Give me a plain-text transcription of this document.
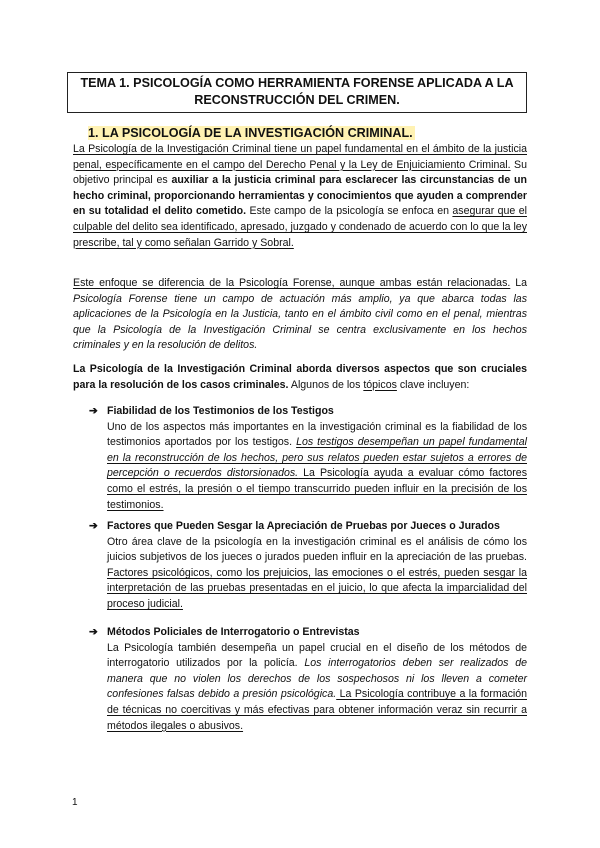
TEMA 1. PSICOLOGÍA COMO HERRAMIENTA FORENSE APLICADA A LA
RECONSTRUCCIÓN DEL CRIMEN.
1. LA PSICOLOGÍA DE LA INVESTIGACIÓN CRIMINAL.
La Psicología de la Investigación Criminal tiene un papel fundamental en el ámbito de la justicia penal, específicamente en el campo del Derecho Penal y la Ley de Enjuiciamiento Criminal. Su objetivo principal es auxiliar a la justicia criminal para esclarecer las circunstancias de un hecho criminal, proporcionando herramientas y conocimientos que ayuden a comprender en su totalidad el delito cometido. Este campo de la psicología se enfoca en asegurar que el culpable del delito sea identificado, apresado, juzgado y condenado de acuerdo con lo que la ley prescribe, tal y como señalan Garrido y Sobral.
Este enfoque se diferencia de la Psicología Forense, aunque ambas están relacionadas. La Psicología Forense tiene un campo de actuación más amplio, ya que abarca todas las aplicaciones de la Psicología en la Justicia, tanto en el ámbito civil como en el penal, mientras que la Psicología de la Investigación Criminal se centra exclusivamente en los hechos criminales y en la resolución de delitos.
La Psicología de la Investigación Criminal aborda diversos aspectos que son cruciales para la resolución de los casos criminales. Algunos de los tópicos clave incluyen:
➔ Fiabilidad de los Testimonios de los Testigos
Uno de los aspectos más importantes en la investigación criminal es la fiabilidad de los testimonios aportados por los testigos. Los testigos desempeñan un papel fundamental en la reconstrucción de los hechos, pero sus relatos pueden estar sujetos a errores de percepción o recuerdos distorsionados. La Psicología ayuda a evaluar cómo factores como el estrés, la presión o el tiempo transcurrido pueden influir en la precisión de los testimonios.
➔ Factores que Pueden Sesgar la Apreciación de Pruebas por Jueces o Jurados
Otro área clave de la psicología en la investigación criminal es el análisis de cómo los juicios subjetivos de los jueces o jurados pueden influir en la apreciación de las pruebas. Factores psicológicos, como los prejuicios, las emociones o el estrés, pueden sesgar la interpretación de las pruebas presentadas en el juicio, lo que afecta la imparcialidad del proceso judicial.
➔ Métodos Policiales de Interrogatorio o Entrevistas
La Psicología también desempeña un papel crucial en el diseño de los métodos de interrogatorio utilizados por la policía. Los interrogatorios deben ser realizados de manera que no violen los derechos de los sospechosos ni los lleven a cometer confesiones falsas debido a presión psicológica. La Psicología contribuye a la formación de técnicas no coercitivas y más efectivas para obtener información veraz sin recurrir a métodos ilegales o abusivos.
1
